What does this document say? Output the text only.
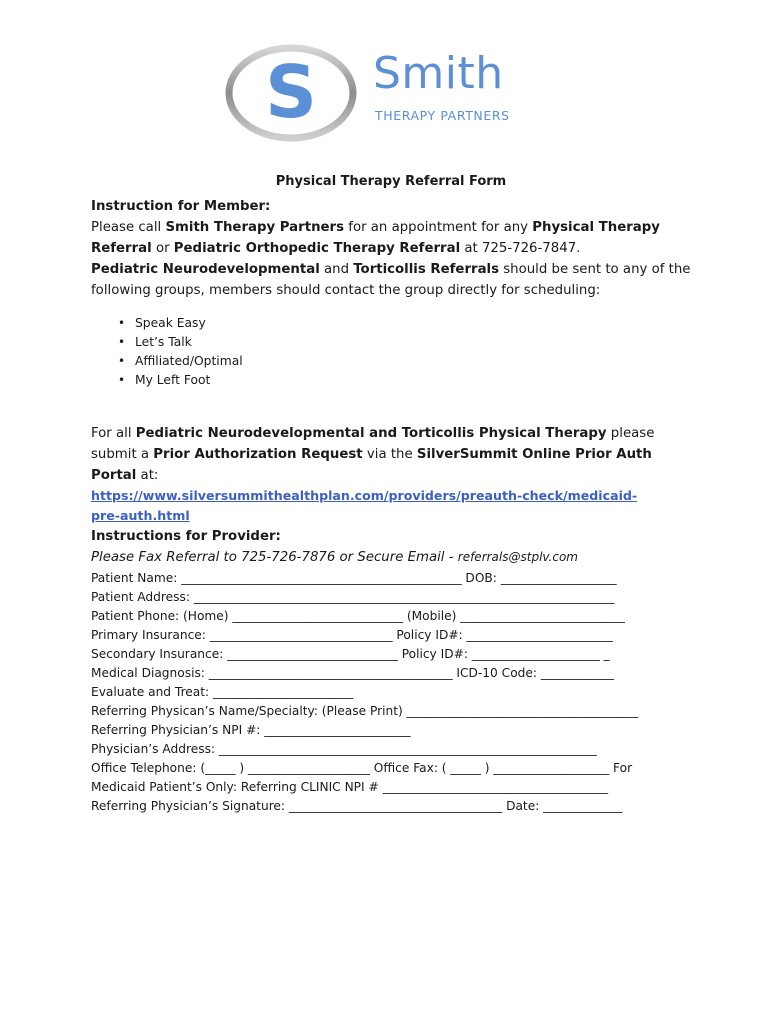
S Smith
THERAPY PARTNERS
Physical Therapy Referral Form

Instruction for Member:

Please call Smith Therapy Partners for an appointment for any Physical Therapy Referral or Pediatric Orthopedic Therapy Referral at 725-726-7847.

Pediatric Neurodevelopmental and Torticollis Referrals should be sent to any of the following groups, members should contact the group directly for scheduling:

• Speak Easy
• Let’s Talk
• Affiliated/Optimal
• My Left Foot

For all Pediatric Neurodevelopmental and Torticollis Physical Therapy please submit a Prior Authorization Request via the SilverSummit Online Prior Auth Portal at:

https://www.silversummithealthplan.com/providers/preauth-check/medicaid-pre-auth.html

Instructions for Provider:

Please Fax Referral to 725-726-7876 or Secure Email - referrals@stplv.com
Patient Name: ______________________________________________ DOB: ___________________
Patient Address: _____________________________________________________________________
Patient Phone: (Home) ____________________________ (Mobile) ___________________________
Primary Insurance: ______________________________ Policy ID#: ________________________
Secondary Insurance: ____________________________ Policy ID#: _____________________ _
Medical Diagnosis: ________________________________________ ICD-10 Code: ____________
Evaluate and Treat: _______________________
Referring Physican’s Name/Specialty: (Please Print) ______________________________________
Referring Physician’s NPI #: ________________________
Physician’s Address: ______________________________________________________________
Office Telephone: (_____ ) ____________________ Office Fax: ( _____ ) ___________________ For
Medicaid Patient’s Only: Referring CLINIC NPI # _____________________________________
Referring Physician’s Signature: ___________________________________ Date: _____________
